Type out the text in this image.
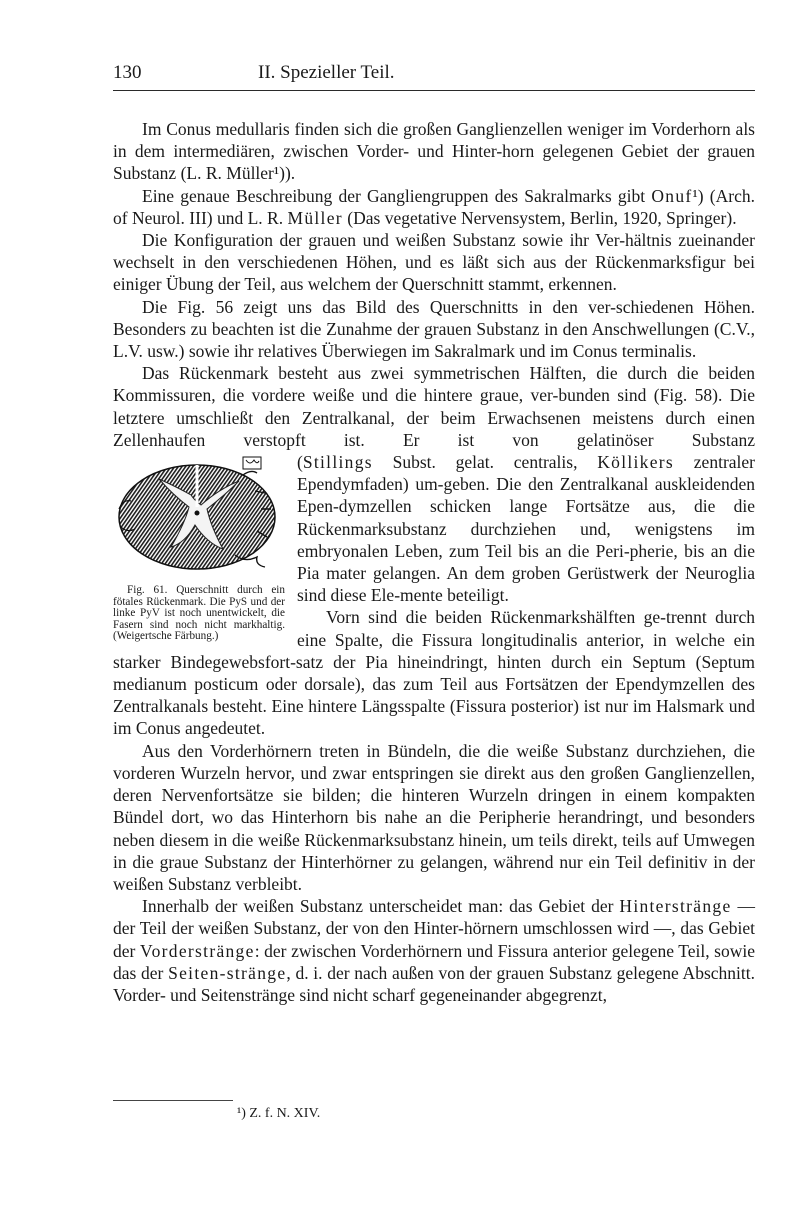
130	II. Spezieller Teil.

Im Conus medullaris finden sich die großen Ganglienzellen weniger im Vorderhorn als in dem intermediären, zwischen Vorder- und Hinter-horn gelegenen Gebiet der grauen Substanz (L. R. Müller¹)).

Eine genaue Beschreibung der Gangliengruppen des Sakralmarks gibt Onuf¹) (Arch. of Neurol. III) und L. R. Müller (Das vegetative Nervensystem, Berlin, 1920, Springer).

Die Konfiguration der grauen und weißen Substanz sowie ihr Ver-hältnis zueinander wechselt in den verschiedenen Höhen, und es läßt sich aus der Rückenmarksfigur bei einiger Übung der Teil, aus welchem der Querschnitt stammt, erkennen.

Die Fig. 56 zeigt uns das Bild des Querschnitts in den ver-schiedenen Höhen. Besonders zu beachten ist die Zunahme der grauen Substanz in den Anschwellungen (C.V., L.V. usw.) sowie ihr relatives Überwiegen im Sakralmark und im Conus terminalis.

Das Rückenmark besteht aus zwei symmetrischen Hälften, die durch die beiden Kommissuren, die vordere weiße und die hintere graue, ver-bunden sind (Fig. 58). Die letztere umschließt den Zentralkanal, der beim Erwachsenen meistens durch einen Zellenhaufen verstopft ist. Er ist von gelatinöser Substanz (
Fig. 61. Querschnitt durch ein fötales Rückenmark. Die PyS und der linke PyV ist noch unentwickelt, die Fasern sind noch nicht markhaltig. (Weigertsche Färbung.)
Stillings Subst. gelat. centralis, Köllikers zentraler Ependymfaden) um-geben. Die den Zentralkanal auskleidenden Epen-dymzellen schicken lange Fortsätze aus, die die Rückenmarksubstanz durchziehen und, wenigstens im embryonalen Leben, zum Teil bis an die Peri-pherie, bis an die Pia mater gelangen. An dem groben Gerüstwerk der Neuroglia sind diese Ele-mente beteiligt.

Vorn sind die beiden Rückenmarkshälften ge-trennt durch eine Spalte, die Fissura longitudinalis anterior, in welche ein starker Bindegewebsfort-satz der Pia hineindringt, hinten durch ein Septum (Septum medianum posticum oder dorsale), das zum Teil aus Fortsätzen der Ependymzellen des Zentralkanals besteht. Eine hintere Längsspalte (Fissura posterior) ist nur im Halsmark und im Conus angedeutet.

Aus den Vorderhörnern treten in Bündeln, die die weiße Substanz durchziehen, die vorderen Wurzeln hervor, und zwar entspringen sie direkt aus den großen Ganglienzellen, deren Nervenfortsätze sie bilden; die hinteren Wurzeln dringen in einem kompakten Bündel dort, wo das Hinterhorn bis nahe an die Peripherie herandringt, und besonders neben diesem in die weiße Rückenmarksubstanz hinein, um teils direkt, teils auf Umwegen in die graue Substanz der Hinterhörner zu gelangen, während nur ein Teil definitiv in der weißen Substanz verbleibt.

Innerhalb der weißen Substanz unterscheidet man: das Gebiet der Hinterstränge — der Teil der weißen Substanz, der von den Hinter-hörnern umschlossen wird —, das Gebiet der Vorderstränge: der zwischen Vorderhörnern und Fissura anterior gelegene Teil, sowie das der Seiten-stränge, d. i. der nach außen von der grauen Substanz gelegene Abschnitt. Vorder- und Seitenstränge sind nicht scharf gegeneinander abgegrenzt,

¹) Z. f. N. XIV.
